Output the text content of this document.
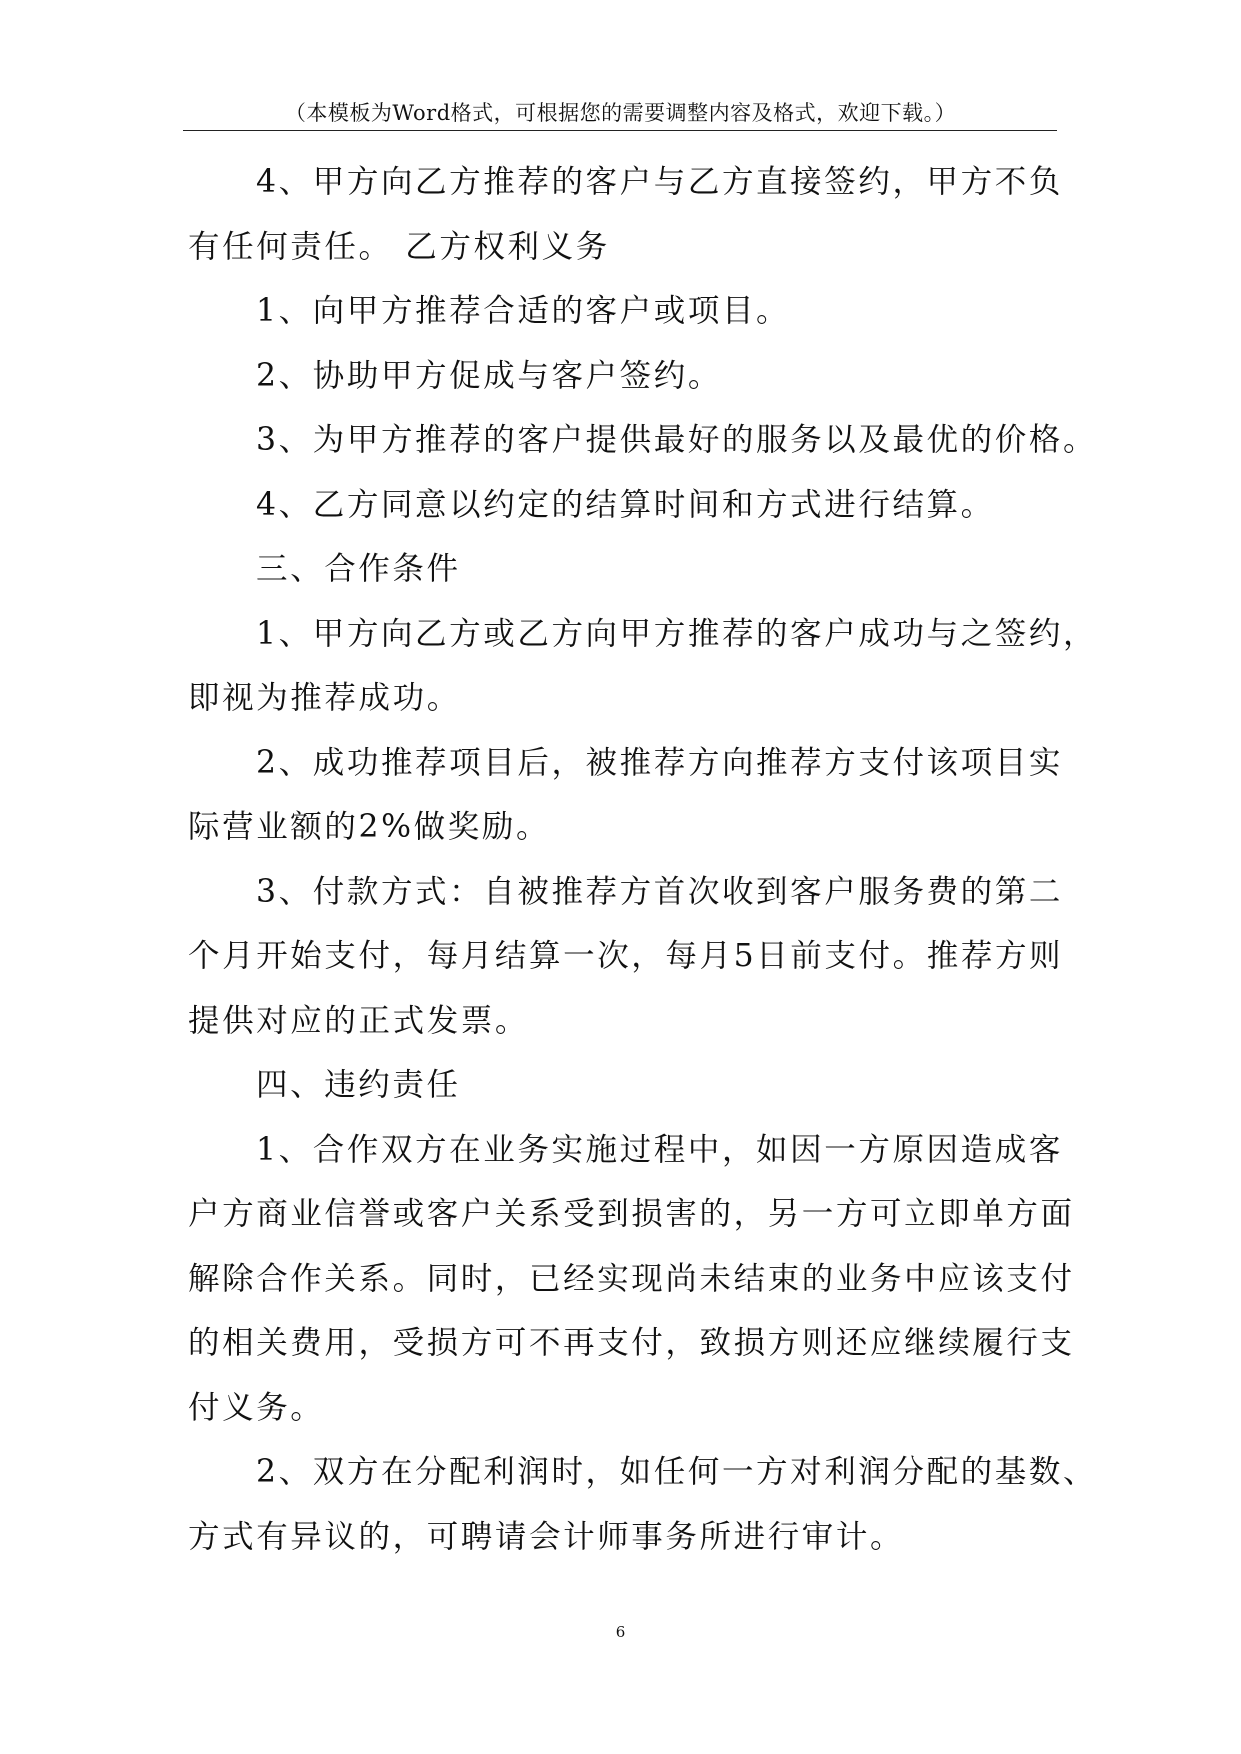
（本模板为Word格式，可根据您的需要调整内容及格式，欢迎下载。）

4、甲方向乙方推荐的客户与乙方直接签约，甲方不负
有任何责任。 乙方权利义务

1、向甲方推荐合适的客户或项目。

2、协助甲方促成与客户签约。

3、为甲方推荐的客户提供最好的服务以及最优的价格。

4、乙方同意以约定的结算时间和方式进行结算。

三、合作条件

1、甲方向乙方或乙方向甲方推荐的客户成功与之签约，
即视为推荐成功。

2、成功推荐项目后，被推荐方向推荐方支付该项目实
际营业额的2%做奖励。

3、付款方式：自被推荐方首次收到客户服务费的第二
个月开始支付，每月结算一次，每月5日前支付。推荐方则
提供对应的正式发票。

四、违约责任

1、合作双方在业务实施过程中，如因一方原因造成客
户方商业信誉或客户关系受到损害的，另一方可立即单方面
解除合作关系。同时，已经实现尚未结束的业务中应该支付
的相关费用，受损方可不再支付，致损方则还应继续履行支
付义务。

2、双方在分配利润时，如任何一方对利润分配的基数、
方式有异议的，可聘请会计师事务所进行审计。

6
